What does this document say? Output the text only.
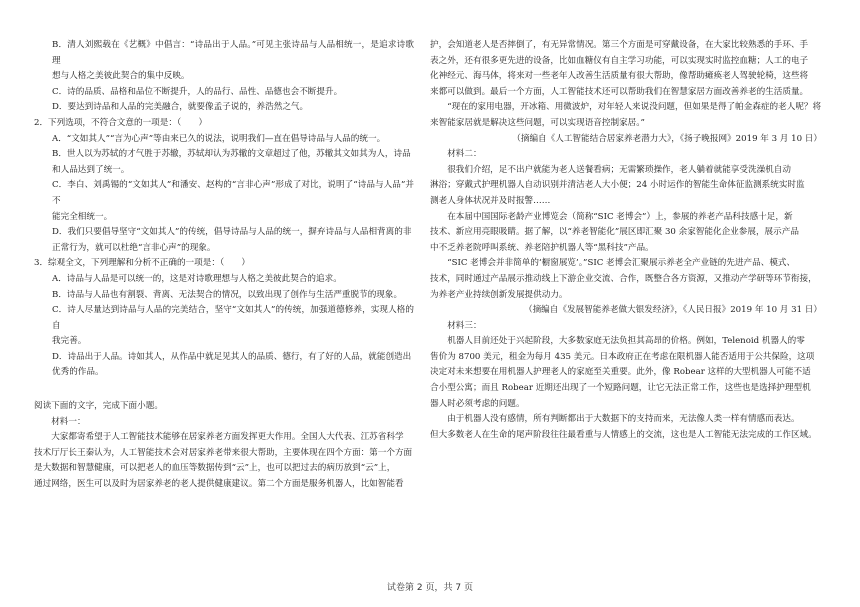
B．清人刘熙载在《艺概》中倡言：“诗品出于人品。”可见主张诗品与人品相统一，是追求诗歌理

想与人格之美彼此契合的集中反映。

C．诗的品质、品格和品位不断提升，人的品行、品性、品德也会不断提升。

D．要达到诗品和人品的完美融合，就要像孟子说的，养浩然之气。

2．下列选项，不符合文意的一项是：（　　）

A．“文如其人”“言为心声”等由来已久的说法，说明我们—直在倡导诗品与人品的统一。

B．世人以为苏轼的才气胜于苏辙，苏轼却认为苏辙的文章超过了他，苏辙其文如其为人，诗品

和人品达到了统一。

C．李白、刘禹锡的“文如其人”和潘安、赵构的“言非心声”形成了对比，说明了“诗品与人品”并不

能完全相统一。

D．我们只要倡导坚守“文如其人”的传统，倡导诗品与人品的统一，摒弃诗品与人品相背离的非

正常行为，就可以杜绝“言非心声”的现象。

3．综观全文，下列理解和分析不正确的一项是：（　　）

A．诗品与人品是可以统一的，这是对诗歌理想与人格之美彼此契合的追求。

B．诗品与人品也有割裂、背离、无法契合的情况，以致出现了创作与生活严重脱节的现象。

C．诗人尽量达到诗品与人品的完美结合，坚守“文如其人”的传统，加强道德修养，实现人格的自

我完善。

D．诗品出于人品。诗如其人，从作品中就足见其人的品质、德行，有了好的人品，就能创造出

优秀的作品。

阅读下面的文字，完成下面小题。

材料一：

大家都寄希望于人工智能技术能够在居家养老方面发挥更大作用。全国人大代表、江苏省科学

技术厅厅长王秦认为，人工智能技术会对居家养老带来很大帮助，主要体现在四个方面：第一个方面

是大数据和智慧健康，可以把老人的血压等数据传到“云”上，也可以把过去的病历放到“云”上，

通过网络，医生可以及时为居家养老的老人提供健康建议。第二个方面是服务机器人，比如智能看

护，会知道老人是否摔倒了，有无异常情况。第三个方面是可穿戴设备，在大家比较熟悉的手环、手

表之外，还有很多更先进的设备，比如血糖仪有自主学习功能，可以实现实时监控血糖；人工的电子

化神经元、海马体，将来对一些老年人改善生活质量有很大帮助，像帮助瘫痪老人驾驶轮椅，这些将

来都可以做到。最后一个方面，人工智能技术还可以帮助我们在智慧家居方面改善养老的生活质量。

“现在的家用电器，开冰箱、用微波炉，对年轻人来说没问题，但如果是得了帕金森症的老人呢？将

来智能家居就是解决这些问题，可以实现语音控制家居。”

（摘编自《人工智能结合居家养老潜力大》，《扬子晚报网》2019 年 3 月 10 日）

材料二：

很我们介绍，足不出户就能为老人送餐看病；无需繁琐操作，老人躺着就能享受洗澡机自动

淋浴；穿戴式护理机器人自动识别并清洁老人大小便；24 小时运作的智能生命体征监测系统实时监

测老人身体状况并及时报警……

在本届中国国际老龄产业博览会（简称“SIC 老博会”）上，参展的养老产品科技感十足，新

技术、新应用亮眼吸睛。据了解，以“养老智能化”展区即汇聚 30 余家智能化企业参展，展示产品

中不乏养老院呼叫系统、养老陪护机器人等“黑科技”产品。

“SIC 老博会并非简单的‘橱窗展览’。”SIC 老博会汇聚展示养老全产业链的先进产品、模式、

技术，同时通过产品展示推动线上下游企业交流、合作，既整合各方资源，又推动产学研等环节衔接，

为养老产业持续创新发展提供动力。

（摘编自《发展智能养老做大银发经济》，《人民日报》2019 年 10 月 31 日）

材料三：

机器人目前还处于兴起阶段，大多数家庭无法负担其高昂的价格。例如，Telenoid 机器人的零

售价为 8700 美元，租金为每月 435 美元。日本政府正在考虑在限机器人能否适用于公共保险，这项

决定对未来想要在用机器人护理老人的家庭至关重要。此外，像 Robear 这样的大型机器人可能不适

合小型公寓；而且 Robear 近期还出现了一个短路问题，让它无法正常工作，这些也是选择护理型机

器人时必须考虑的问题。

由于机器人没有感情，所有判断都出于大数据下的支持而来，无法像人类一样有情感而表达。

但大多数老人在生命的尾声阶段往往最看重与人情感上的交流，这也是人工智能无法完成的工作区域。

试卷第 2 页，共 7 页
